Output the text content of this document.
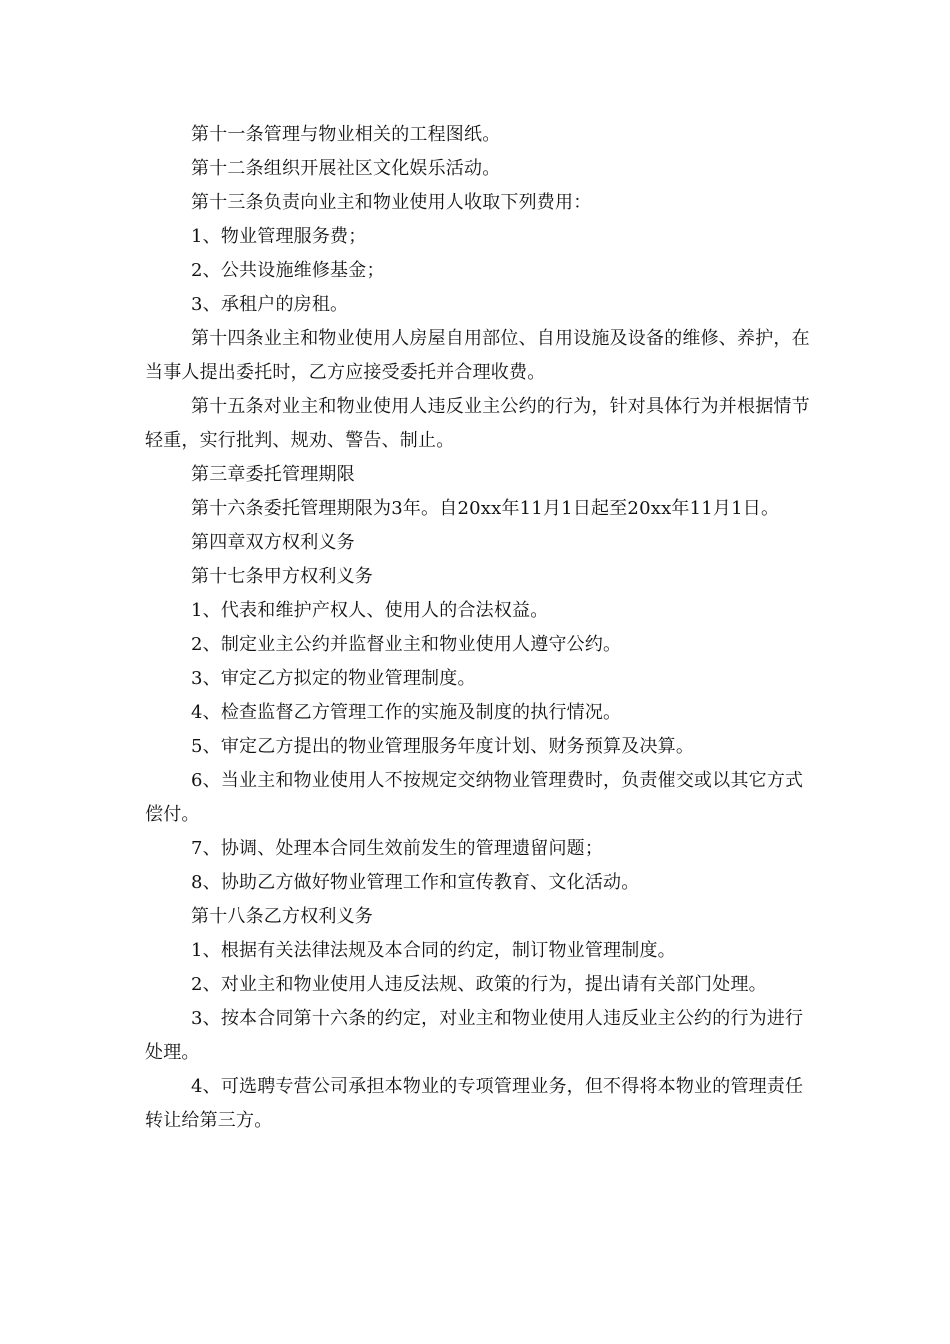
第十一条管理与物业相关的工程图纸。

第十二条组织开展社区文化娱乐活动。

第十三条负责向业主和物业使用人收取下列费用：

1、物业管理服务费；

2、公共设施维修基金；

3、承租户的房租。

第十四条业主和物业使用人房屋自用部位、自用设施及设备的维修、养护，在当事人提出委托时，乙方应接受委托并合理收费。

第十五条对业主和物业使用人违反业主公约的行为，针对具体行为并根据情节轻重，实行批判、规劝、警告、制止。

第三章委托管理期限

第十六条委托管理期限为3年。自20xx年11月1日起至20xx年11月1日。

第四章双方权利义务

第十七条甲方权利义务

1、代表和维护产权人、使用人的合法权益。

2、制定业主公约并监督业主和物业使用人遵守公约。

3、审定乙方拟定的物业管理制度。

4、检查监督乙方管理工作的实施及制度的执行情况。

5、审定乙方提出的物业管理服务年度计划、财务预算及决算。

6、当业主和物业使用人不按规定交纳物业管理费时，负责催交或以其它方式偿付。

7、协调、处理本合同生效前发生的管理遗留问题；

8、协助乙方做好物业管理工作和宣传教育、文化活动。

第十八条乙方权利义务

1、根据有关法律法规及本合同的约定，制订物业管理制度。

2、对业主和物业使用人违反法规、政策的行为，提出请有关部门处理。

3、按本合同第十六条的约定，对业主和物业使用人违反业主公约的行为进行处理。

4、可选聘专营公司承担本物业的专项管理业务，但不得将本物业的管理责任转让给第三方。
